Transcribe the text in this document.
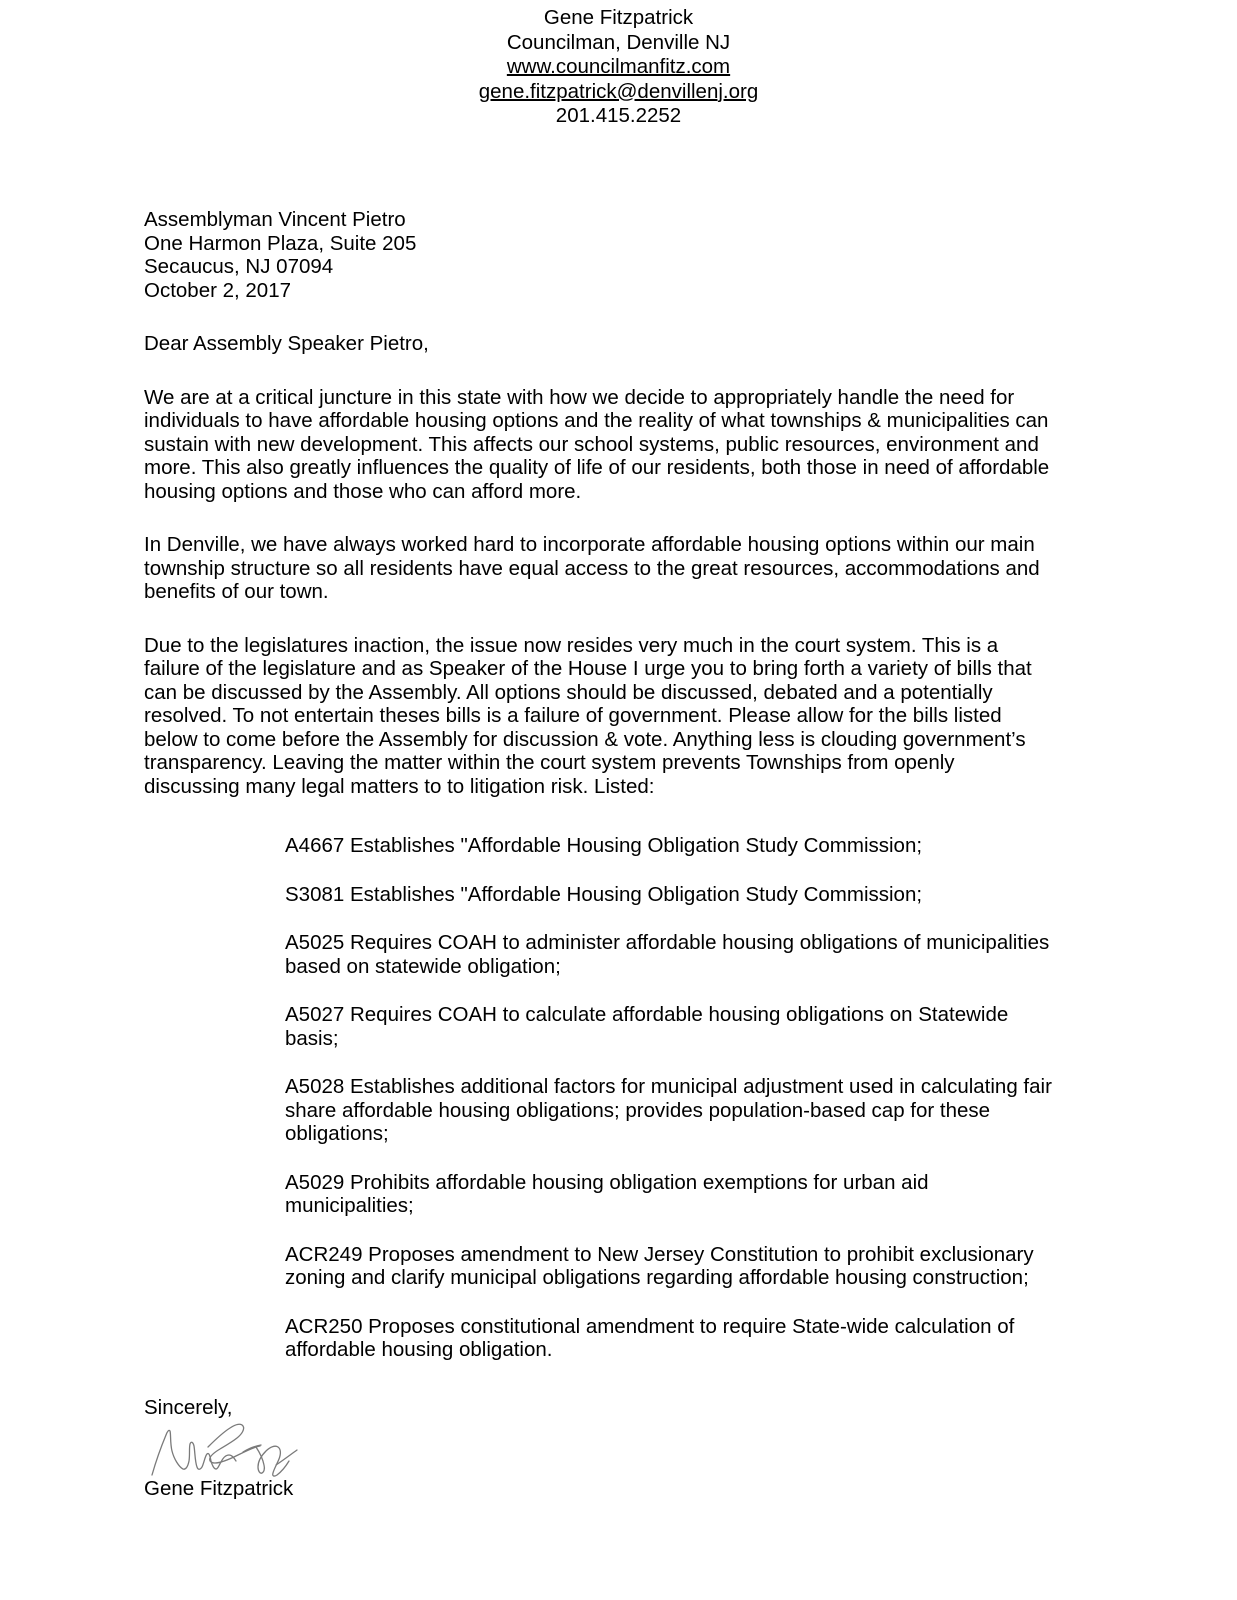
Gene Fitzpatrick
Councilman, Denville NJ
www.councilmanfitz.com
gene.fitzpatrick@denvillenj.org
201.415.2252
Assemblyman Vincent Pietro
One Harmon Plaza, Suite 205
Secaucus, NJ 07094
October 2, 2017

Dear Assembly Speaker Pietro,

We are at a critical juncture in this state with how we decide to appropriately handle the need for individuals to have affordable housing options and the reality of what townships & municipalities can sustain with new development. This affects our school systems, public resources, environment and more. This also greatly influences the quality of life of our residents, both those in need of affordable housing options and those who can afford more.

In Denville, we have always worked hard to incorporate affordable housing options within our main township structure so all residents have equal access to the great resources, accommodations and benefits of our town.

Due to the legislatures inaction, the issue now resides very much in the court system. This is a failure of the legislature and as Speaker of the House I urge you to bring forth a variety of bills that can be discussed by the Assembly. All options should be discussed, debated and a potentially resolved. To not entertain theses bills is a failure of government. Please allow for the bills listed below to come before the Assembly for discussion & vote. Anything less is clouding government’s transparency. Leaving the matter within the court system prevents Townships from openly discussing many legal matters to to litigation risk. Listed:

A4667 Establishes "Affordable Housing Obligation Study Commission;
S3081 Establishes "Affordable Housing Obligation Study Commission;
A5025 Requires COAH to administer affordable housing obligations of municipalities based on statewide obligation;
A5027 Requires COAH to calculate affordable housing obligations on Statewide basis;
A5028 Establishes additional factors for municipal adjustment used in calculating fair share affordable housing obligations; provides population-based cap for these obligations;
A5029 Prohibits affordable housing obligation exemptions for urban aid municipalities;
ACR249 Proposes amendment to New Jersey Constitution to prohibit exclusionary zoning and clarify municipal obligations regarding affordable housing construction;
ACR250 Proposes constitutional amendment to require State-wide calculation of affordable housing obligation.
Sincerely,
Gene Fitzpatrick
